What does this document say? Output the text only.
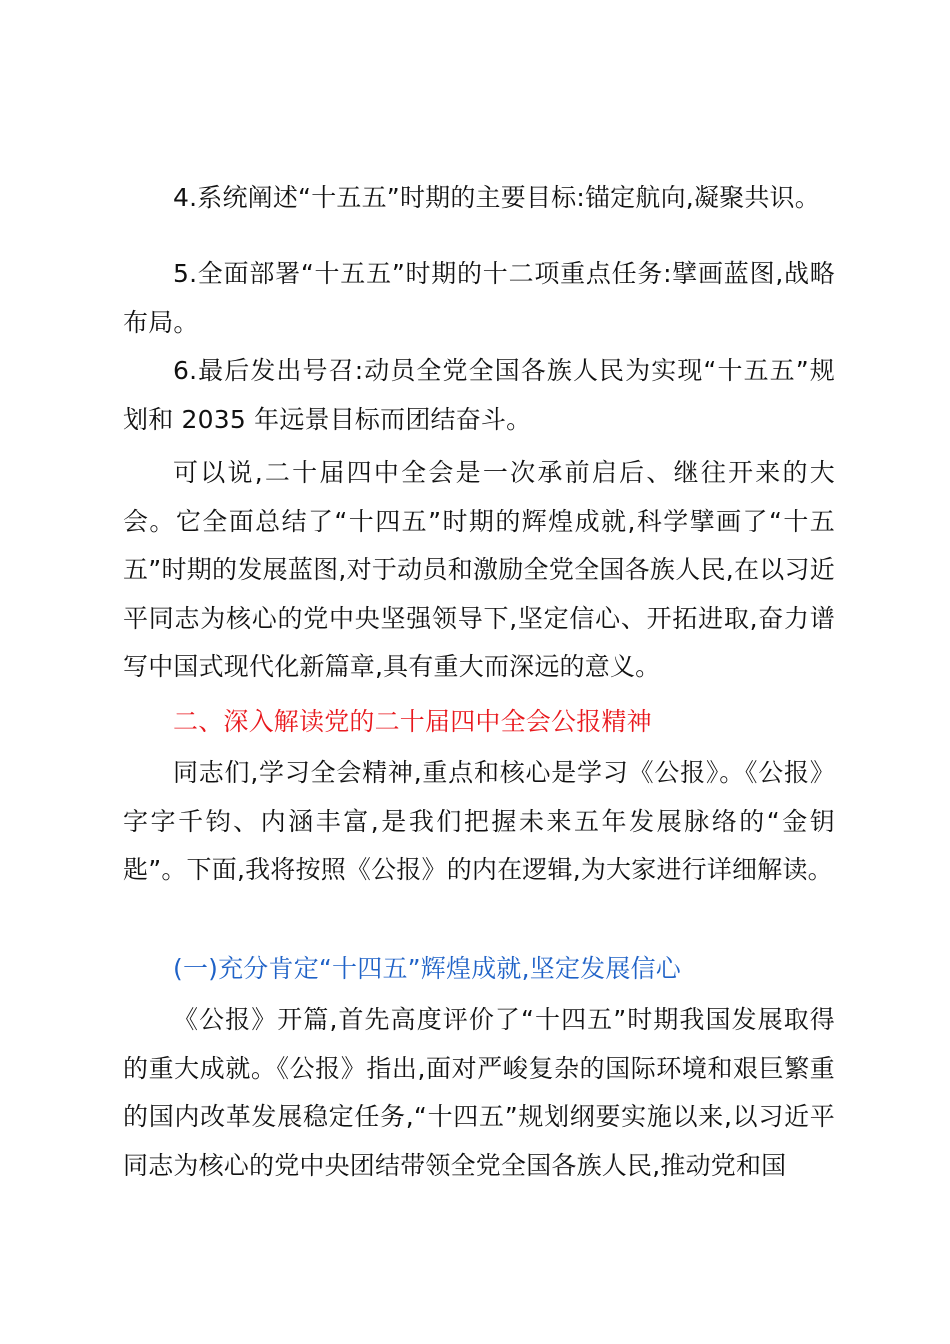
4.系统阐述“十五五”时期的主要目标:锚定航向,凝聚共识。

5.全面部署“十五五”时期的十二项重点任务:擘画蓝图,战略布局。

6.最后发出号召:动员全党全国各族人民为实现“十五五”规划和 2035 年远景目标而团结奋斗。

可以说,二十届四中全会是一次承前启后、继往开来的大会。它全面总结了“十四五”时期的辉煌成就,科学擘画了“十五五”时期的发展蓝图,对于动员和激励全党全国各族人民,在以习近平同志为核心的党中央坚强领导下,坚定信心、开拓进取,奋力谱写中国式现代化新篇章,具有重大而深远的意义。

二、深入解读党的二十届四中全会公报精神

同志们,学习全会精神,重点和核心是学习《公报》。《公报》字字千钧、内涵丰富,是我们把握未来五年发展脉络的“金钥匙”。下面,我将按照《公报》的内在逻辑,为大家进行详细解读。

(一)充分肯定“十四五”辉煌成就,坚定发展信心

《公报》开篇,首先高度评价了“十四五”时期我国发展取得的重大成就。《公报》指出,面对严峻复杂的国际环境和艰巨繁重的国内改革发展稳定任务,“十四五”规划纲要实施以来,以习近平同志为核心的党中央团结带领全党全国各族人民,推动党和国
